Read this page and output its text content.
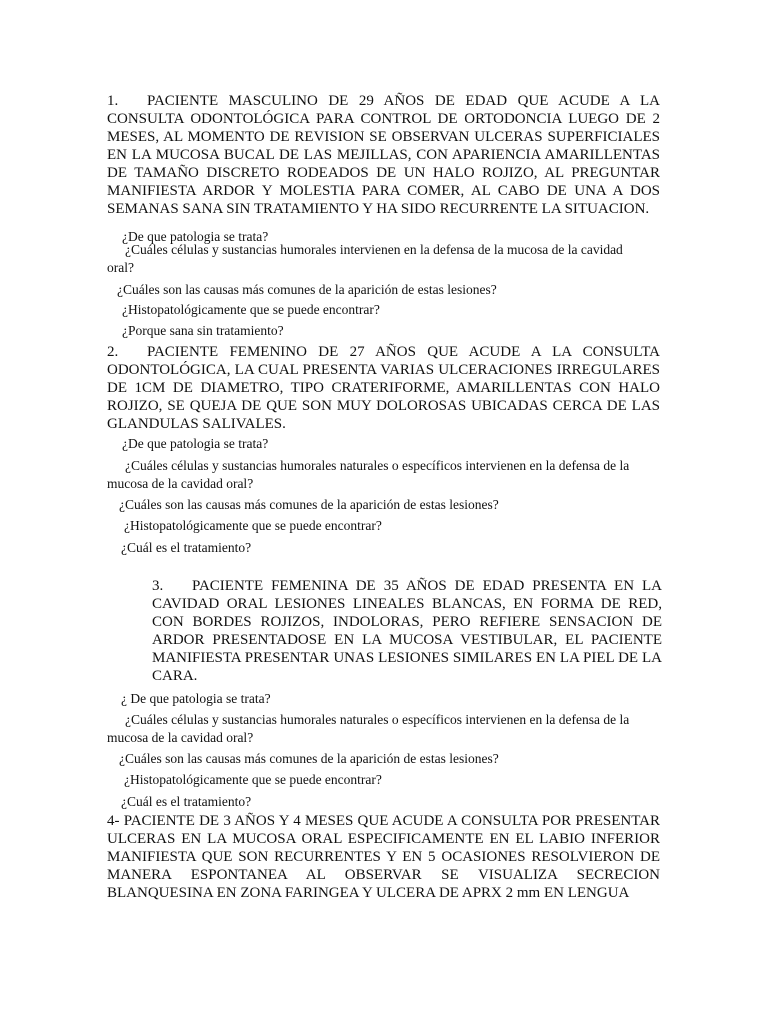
1. PACIENTE MASCULINO DE 29 AÑOS DE EDAD QUE ACUDE A LA CONSULTA ODONTOLÓGICA PARA CONTROL DE ORTODONCIA LUEGO DE 2 MESES, AL MOMENTO DE REVISION SE OBSERVAN ULCERAS SUPERFICIALES EN LA MUCOSA BUCAL DE LAS MEJILLAS, CON APARIENCIA AMARILLENTAS DE TAMAÑO DISCRETO RODEADOS DE UN HALO ROJIZO, AL PREGUNTAR MANIFIESTA ARDOR Y MOLESTIA PARA COMER, AL CABO DE UNA A DOS SEMANAS SANA SIN TRATAMIENTO Y HA SIDO RECURRENTE LA SITUACION.

¿De que patologia se trata?

¿Cuáles células y sustancias humorales intervienen en la defensa de la mucosa de la cavidad oral?

¿Cuáles son las causas más comunes de la aparición de estas lesiones?

¿Histopatológicamente que se puede encontrar?

¿Porque sana sin tratamiento?

2. PACIENTE FEMENINO DE 27 AÑOS QUE ACUDE A LA CONSULTA ODONTOLÓGICA, LA CUAL PRESENTA VARIAS ULCERACIONES IRREGULARES DE 1CM DE DIAMETRO, TIPO CRATERIFORME, AMARILLENTAS CON HALO ROJIZO, SE QUEJA DE QUE SON MUY DOLOROSAS UBICADAS CERCA DE LAS GLANDULAS SALIVALES.

¿De que patologia se trata?

¿Cuáles células y sustancias humorales naturales o específicos intervienen en la defensa de la mucosa de la cavidad oral?

¿Cuáles son las causas más comunes de la aparición de estas lesiones?

¿Histopatológicamente que se puede encontrar?

¿Cuál es el tratamiento?

3. PACIENTE FEMENINA DE 35 AÑOS DE EDAD PRESENTA EN LA CAVIDAD ORAL LESIONES LINEALES BLANCAS, EN FORMA DE RED, CON BORDES ROJIZOS, INDOLORAS, PERO REFIERE SENSACION DE ARDOR PRESENTADOSE EN LA MUCOSA VESTIBULAR, EL PACIENTE MANIFIESTA PRESENTAR UNAS LESIONES SIMILARES EN LA PIEL DE LA CARA.

¿ De que patologia se trata?

¿Cuáles células y sustancias humorales naturales o específicos intervienen en la defensa de la mucosa de la cavidad oral?

¿Cuáles son las causas más comunes de la aparición de estas lesiones?

¿Histopatológicamente que se puede encontrar?

¿Cuál es el tratamiento?

4- PACIENTE DE 3 AÑOS Y 4 MESES QUE ACUDE A CONSULTA POR PRESENTAR ULCERAS EN LA MUCOSA ORAL ESPECIFICAMENTE EN EL LABIO INFERIOR MANIFIESTA QUE SON RECURRENTES Y EN 5 OCASIONES RESOLVIERON DE MANERA ESPONTANEA AL OBSERVAR SE VISUALIZA SECRECION BLANQUESINA EN ZONA FARINGEA Y ULCERA DE APRX 2 mm EN LENGUA
